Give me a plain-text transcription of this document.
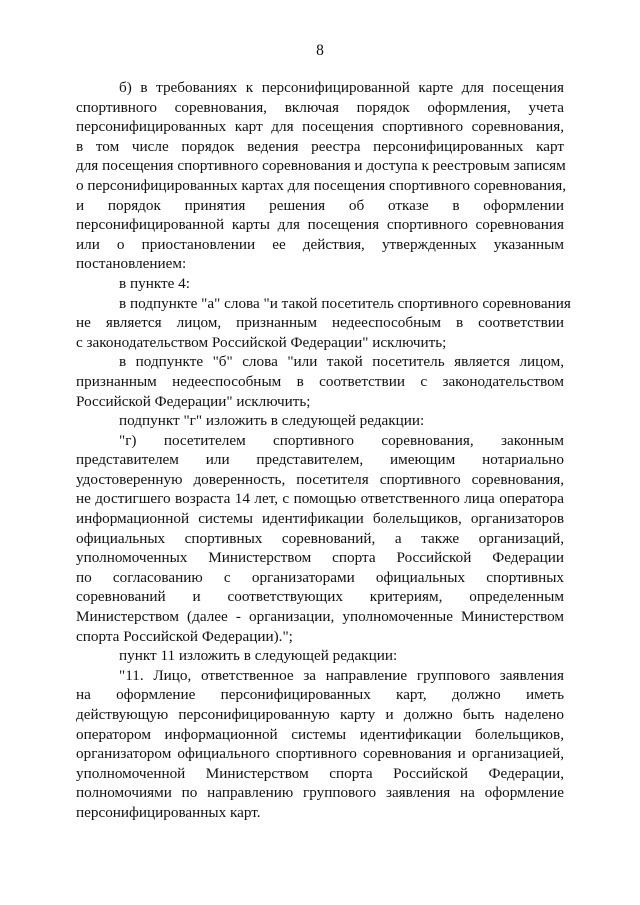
8

б) в требованиях к персонифицированной карте для посещения

спортивного соревнования, включая порядок оформления, учета

персонифицированных карт для посещения спортивного соревнования,

в том числе порядок ведения реестра персонифицированных карт

для посещения спортивного соревнования и доступа к реестровым записям

о персонифицированных картах для посещения спортивного соревнования,

и порядок принятия решения об отказе в оформлении

персонифицированной карты для посещения спортивного соревнования

или о приостановлении ее действия, утвержденных указанным

постановлением:

в пункте 4:

в подпункте "а" слова "и такой посетитель спортивного соревнования

не является лицом, признанным недееспособным в соответствии

с законодательством Российской Федерации" исключить;

в подпункте "б" слова "или такой посетитель является лицом,

признанным недееспособным в соответствии с законодательством

Российской Федерации" исключить;

подпункт "г" изложить в следующей редакции:

"г) посетителем спортивного соревнования, законным

представителем или представителем, имеющим нотариально

удостоверенную доверенность, посетителя спортивного соревнования,

не достигшего возраста 14 лет, с помощью ответственного лица оператора

информационной системы идентификации болельщиков, организаторов

официальных спортивных соревнований, а также организаций,

уполномоченных Министерством спорта Российской Федерации

по согласованию с организаторами официальных спортивных

соревнований и соответствующих критериям, определенным

Министерством (далее - организации, уполномоченные Министерством

спорта Российской Федерации).";

пункт 11 изложить в следующей редакции:

"11. Лицо, ответственное за направление группового заявления

на оформление персонифицированных карт, должно иметь

действующую персонифицированную карту и должно быть наделено

оператором информационной системы идентификации болельщиков,

организатором официального спортивного соревнования и организацией,

уполномоченной Министерством спорта Российской Федерации,

полномочиями по направлению группового заявления на оформление

персонифицированных карт.
